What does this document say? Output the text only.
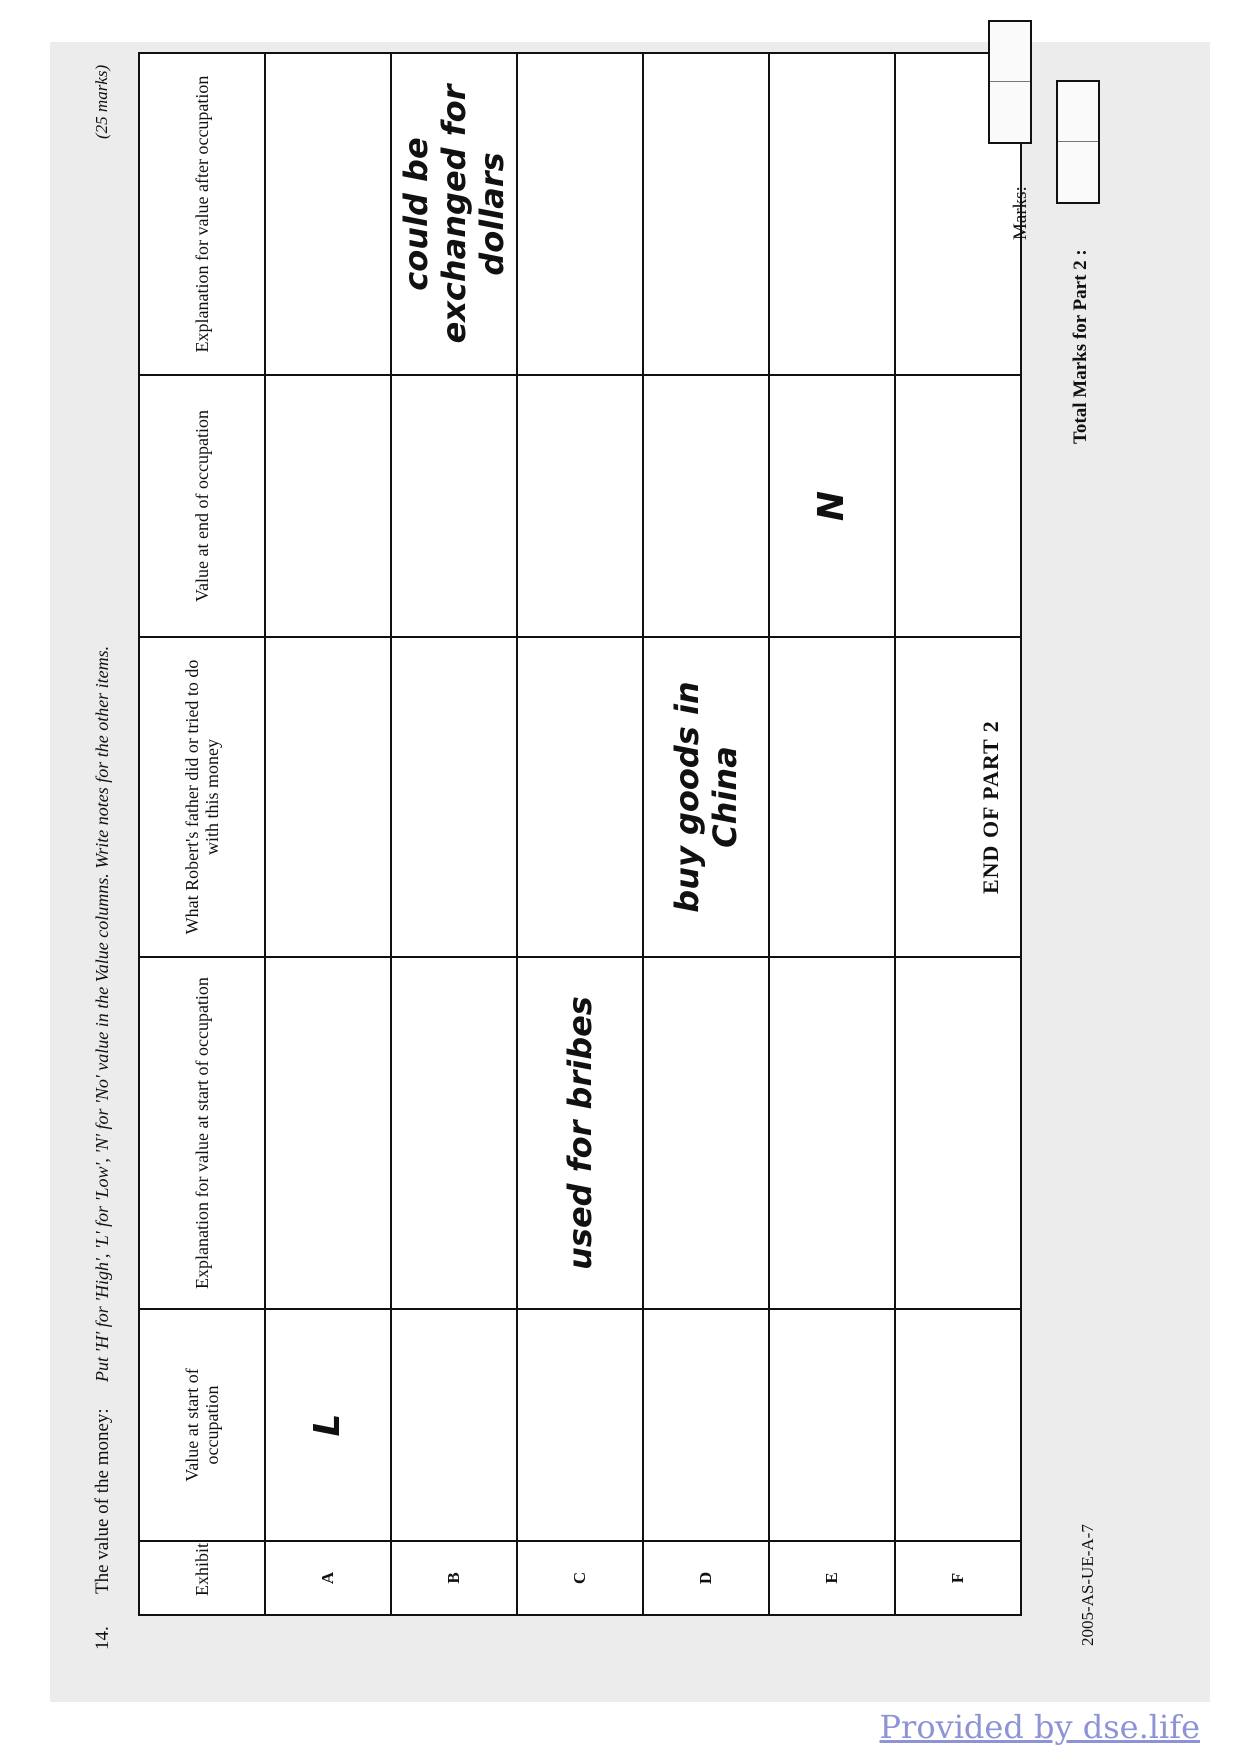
14.
The value of the money:
Put 'H' for 'High', 'L' for 'Low', 'N' for 'No' value in the Value columns. Write notes for the other items.
(25 marks)
Exhibit	Value at start of occupation	Explanation for value at start of occupation	What Robert's father did or tried to do with this money	Value at end of occupation	Explanation for value after occupation
A	L				
B					could be exchanged for dollars
C		used for bribes			
D			buy goods in China		
E				N	
F					
END OF PART 2
Marks:
Total Marks for Part 2 :
2005-AS-UE-A-7
Provided by dse.life
